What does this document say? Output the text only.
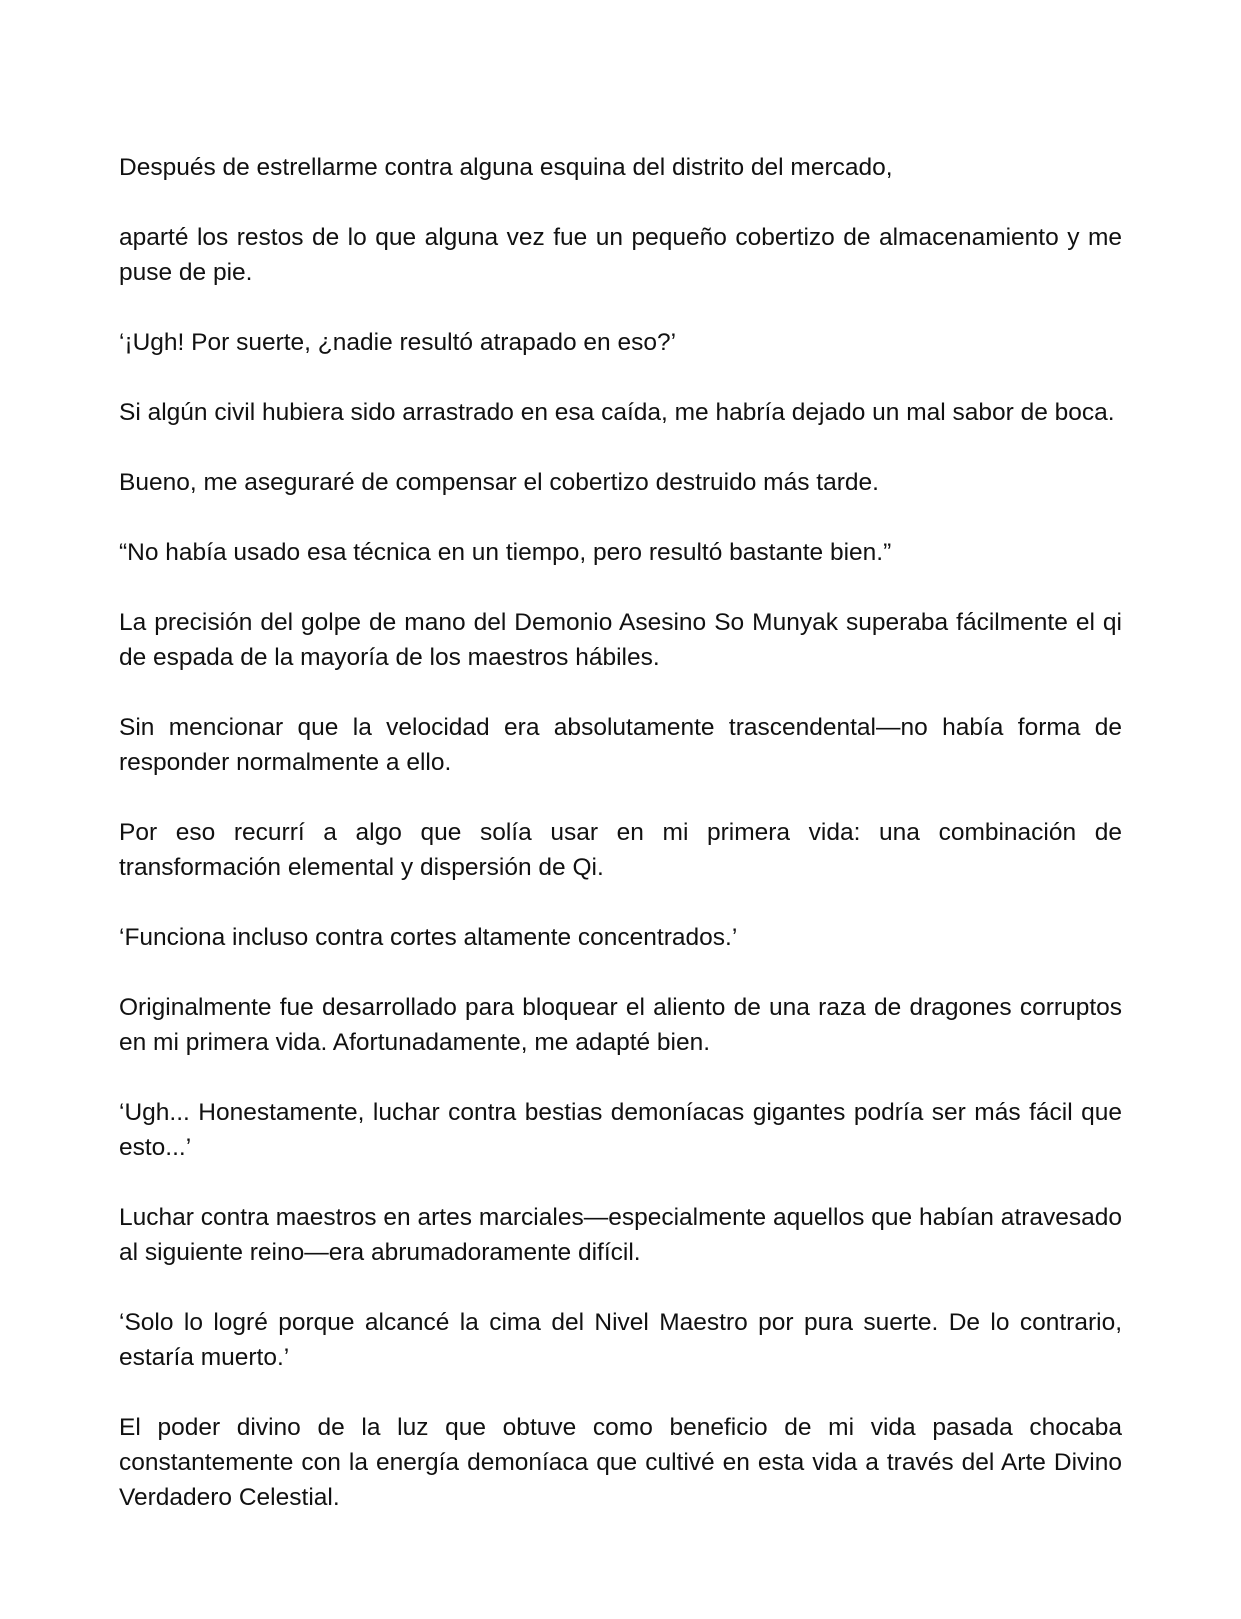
Después de estrellarme contra alguna esquina del distrito del mercado,

aparté los restos de lo que alguna vez fue un pequeño cobertizo de almacenamiento y me puse de pie.

‘¡Ugh! Por suerte, ¿nadie resultó atrapado en eso?’

Si algún civil hubiera sido arrastrado en esa caída, me habría dejado un mal sabor de boca.

Bueno, me aseguraré de compensar el cobertizo destruido más tarde.

“No había usado esa técnica en un tiempo, pero resultó bastante bien.”

La precisión del golpe de mano del Demonio Asesino So Munyak superaba fácilmente el qi de espada de la mayoría de los maestros hábiles.

Sin mencionar que la velocidad era absolutamente trascendental—no había forma de responder normalmente a ello.

Por eso recurrí a algo que solía usar en mi primera vida: una combinación de transformación elemental y dispersión de Qi.

‘Funciona incluso contra cortes altamente concentrados.’

Originalmente fue desarrollado para bloquear el aliento de una raza de dragones corruptos en mi primera vida. Afortunadamente, me adapté bien.

‘Ugh... Honestamente, luchar contra bestias demoníacas gigantes podría ser más fácil que esto...’

Luchar contra maestros en artes marciales—especialmente aquellos que habían atravesado al siguiente reino—era abrumadoramente difícil.

‘Solo lo logré porque alcancé la cima del Nivel Maestro por pura suerte. De lo contrario, estaría muerto.’

El poder divino de la luz que obtuve como beneficio de mi vida pasada chocaba constantemente con la energía demoníaca que cultivé en esta vida a través del Arte Divino Verdadero Celestial.
